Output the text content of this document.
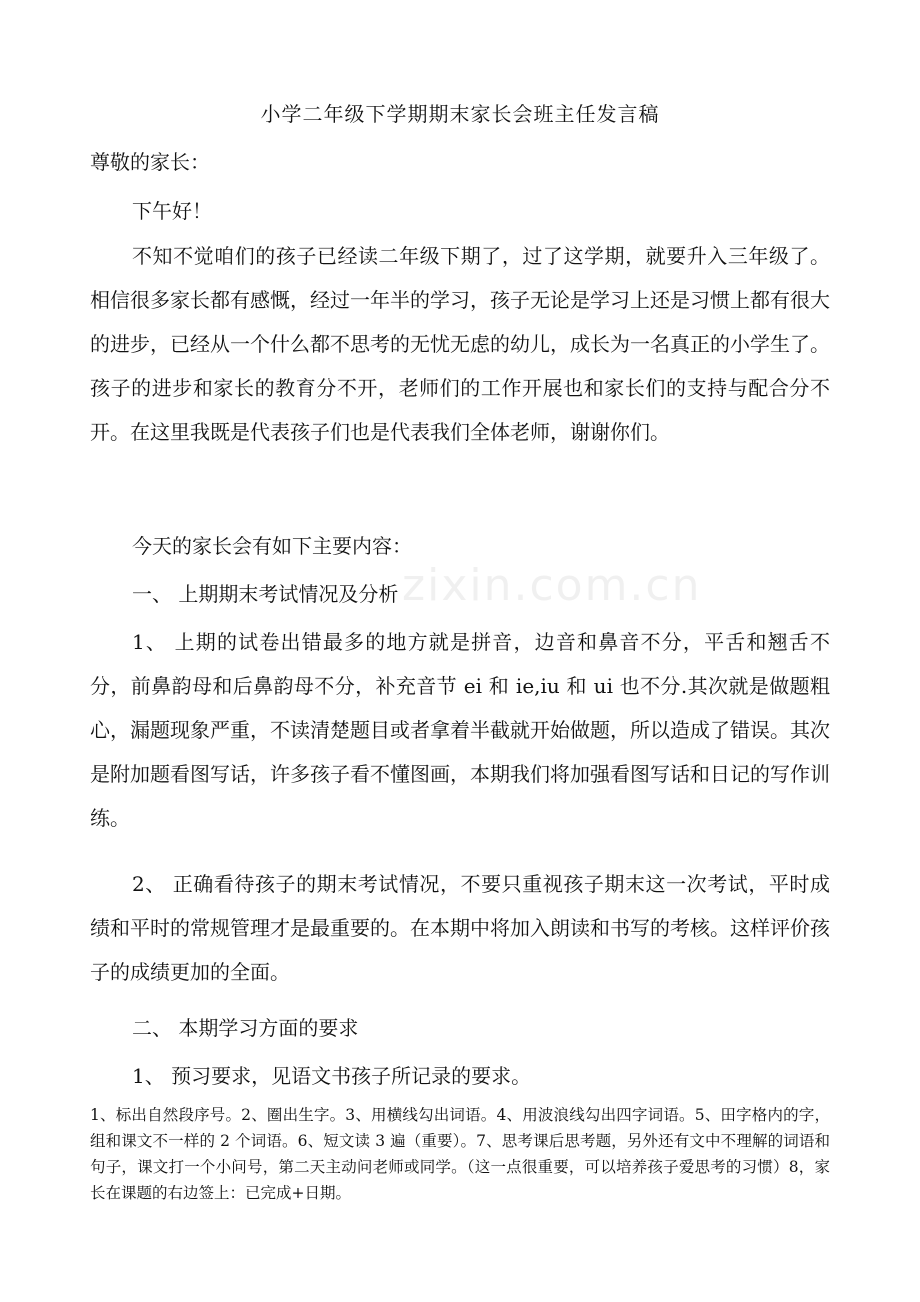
小学二年级下学期期末家长会班主任发言稿

尊敬的家长：

下午好！

不知不觉咱们的孩子已经读二年级下期了，过了这学期，就要升入三年级了。相信很多家长都有感慨，经过一年半的学习，孩子无论是学习上还是习惯上都有很大的进步，已经从一个什么都不思考的无忧无虑的幼儿，成长为一名真正的小学生了。孩子的进步和家长的教育分不开，老师们的工作开展也和家长们的支持与配合分不开。在这里我既是代表孩子们也是代表我们全体老师，谢谢你们。

今天的家长会有如下主要内容：

一、 上期期末考试情况及分析

1、 上期的试卷出错最多的地方就是拼音，边音和鼻音不分，平舌和翘舌不分，前鼻韵母和后鼻韵母不分，补充音节 ei 和 ie,iu 和 ui 也不分.其次就是做题粗心，漏题现象严重，不读清楚题目或者拿着半截就开始做题，所以造成了错误。其次是附加题看图写话，许多孩子看不懂图画，本期我们将加强看图写话和日记的写作训练。

2、 正确看待孩子的期末考试情况，不要只重视孩子期末这一次考试，平时成绩和平时的常规管理才是最重要的。在本期中将加入朗读和书写的考核。这样评价孩子的成绩更加的全面。

二、 本期学习方面的要求

1、 预习要求，见语文书孩子所记录的要求。

1、标出自然段序号。2、圈出生字。3、用横线勾出词语。4、用波浪线勾出四字词语。5、田字格内的字，组和课文不一样的 2 个词语。6、短文读 3 遍（重要）。7、思考课后思考题，另外还有文中不理解的词语和句子，课文打一个小问号，第二天主动问老师或同学。（这一点很重要，可以培养孩子爱思考的习惯）8，家长在课题的右边签上：已完成+日期。

zixin.com.cn
